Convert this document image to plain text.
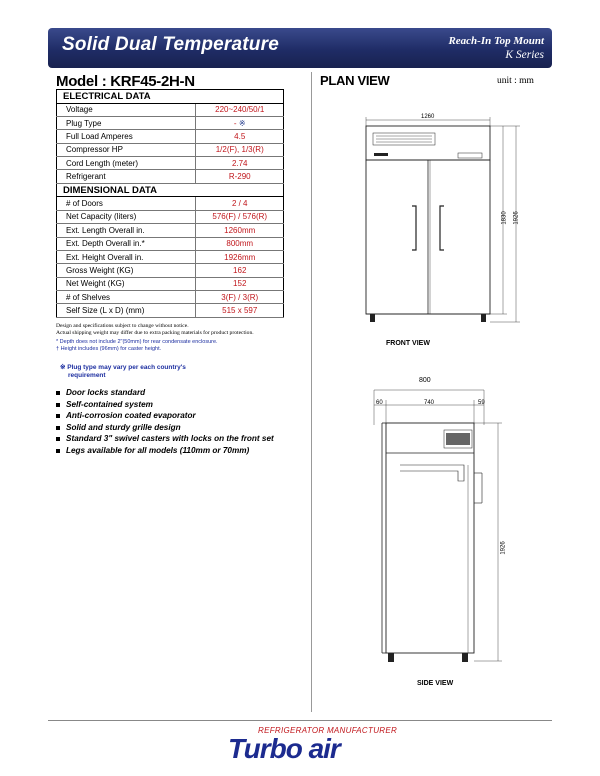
Solid Dual Temperature	Reach-In Top Mount
K Series
Model : KRF45-2H-N	PLAN VIEW	unit : mm
ELECTRICAL DATA	
Voltage	220~240/50/1
Plug Type	- ※
Full Load Amperes	4.5
Compressor HP	1/2(F), 1/3(R)
Cord Length (meter)	2.74
Refrigerant	R-290
DIMENSIONAL DATA	
# of Doors	2 / 4
Net Capacity (liters)	576(F) / 576(R)
Ext. Length Overall in.	1260mm
Ext. Depth Overall in.*	800mm
Ext. Height Overall in.	1926mm
Gross Weight (KG)	162
Net Weight (KG)	152
# of Shelves	3(F) / 3(R)
Self Size (L x D) (mm)	515 x 597
Design and specifications subject to change without notice.
Actual shipping weight may differ due to extra packing materials for product protection.
* Depth does not include 2"(50mm) for rear condensate enclosure.
† Height includes (96mm) for caster height.
※ Plug type may vary per each country's
requirement
Door locks standard
Self-contained system
Anti-corrosion coated evaporator
Solid and sturdy grille design
Standard 3" swivel casters with locks on the front set
Legs available for all models (110mm or 70mm)
1260
1830 1926
FRONT VIEW
800
60	740	59
1926
SIDE VIEW
REFRIGERATOR MANUFACTURER
Turbo air
